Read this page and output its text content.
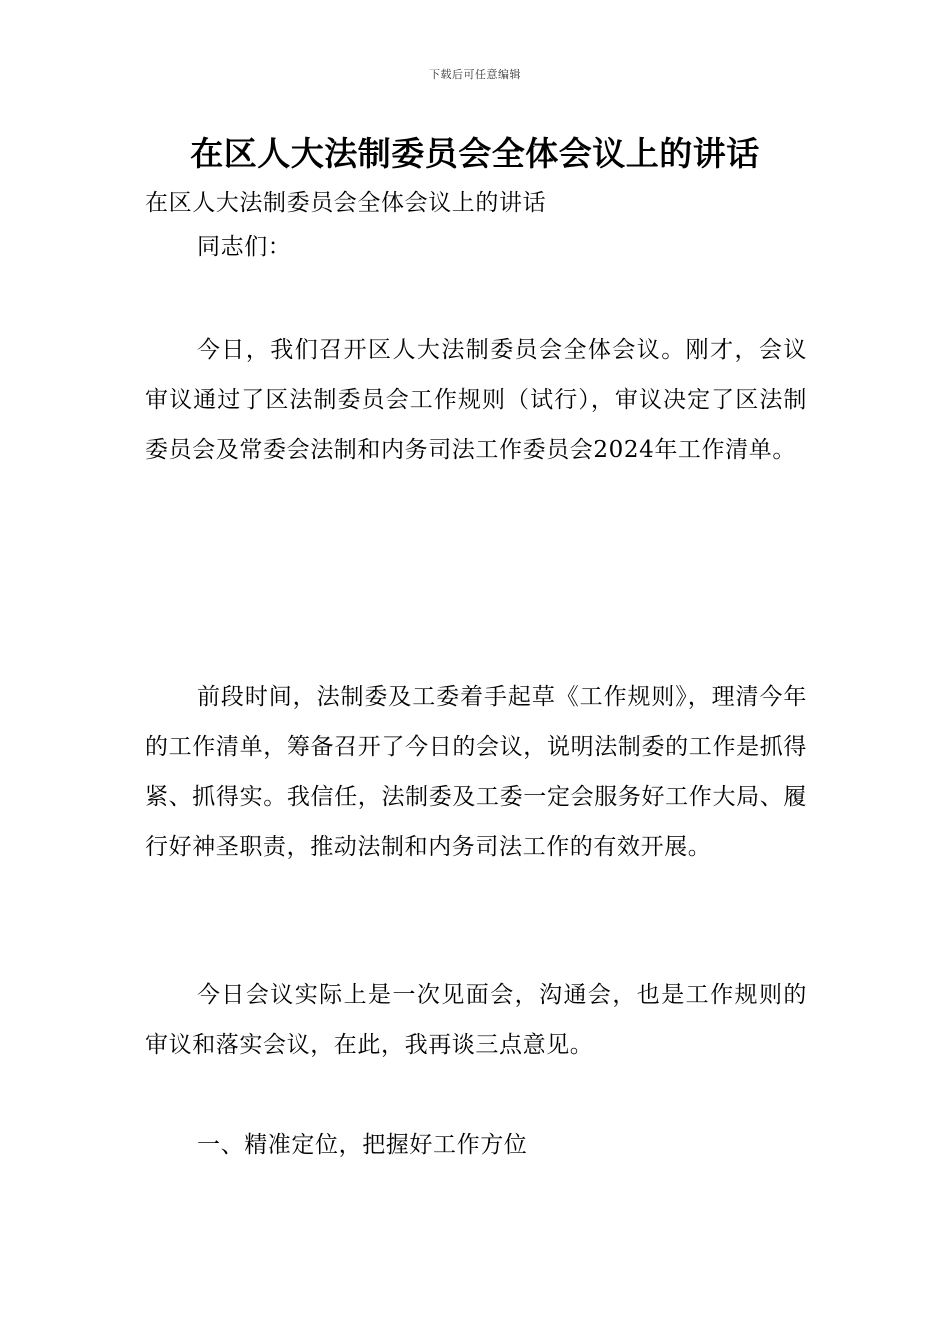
下载后可任意编辑
在区人大法制委员会全体会议上的讲话
在区人大法制委员会全体会议上的讲话
同志们：
今日，我们召开区人大法制委员会全体会议。刚才，会议审议通过了区法制委员会工作规则（试行），审议决定了区法制委员会及常委会法制和内务司法工作委员会2024年工作清单。
前段时间，法制委及工委着手起草《工作规则》，理清今年的工作清单，筹备召开了今日的会议，说明法制委的工作是抓得紧、抓得实。我信任，法制委及工委一定会服务好工作大局、履行好神圣职责，推动法制和内务司法工作的有效开展。
今日会议实际上是一次见面会，沟通会，也是工作规则的审议和落实会议，在此，我再谈三点意见。
一、精准定位，把握好工作方位
